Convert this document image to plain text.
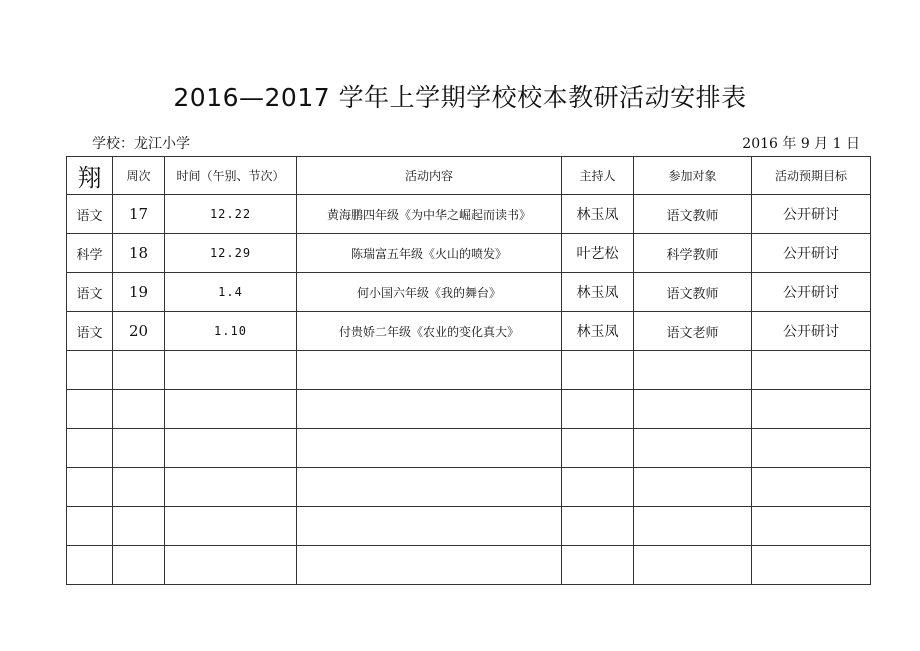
2016—2017 学年上学期学校校本教研活动安排表
学校：龙江小学	2016 年 9 月 1 日
翔	周次	时间（午别、节次）	活动内容	主持人	参加对象	活动预期目标
语文	17	12.22	黄海鹏四年级《为中华之崛起而读书》	林玉凤	语文教师	公开研讨
科学	18	12.29	陈瑞富五年级《火山的喷发》	叶艺松	科学教师	公开研讨
语文	19	1.4	何小国六年级《我的舞台》	林玉凤	语文教师	公开研讨
语文	20	1.10	付贵娇二年级《农业的变化真大》	林玉凤	语文老师	公开研讨
